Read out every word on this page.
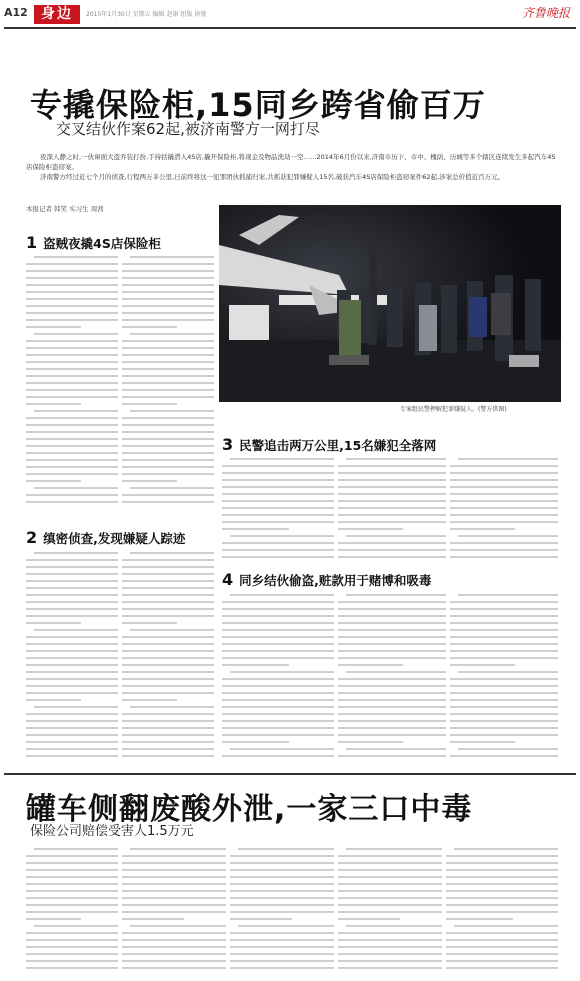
A12 身边	2015年1月30日 星期五 编辑 赵康 组版 徐漫	齐鲁晚报
专撬保险柜,15同乡跨省偷百万
交叉结伙作案62起,被济南警方一网打尽
夜深人静之时,一伙窜面大盗乔装打扮,手持括撬潜入4S店,撬开保险柜,将现金及物品洗劫一空……2014年6月份以来,济南市历下、市中、槐荫、历城等多个辖区连续发生多起汽车4S店保险柜盗窃案。
济南警方经过近七个月的侦查,行程两万多公里,日前终将这一犯罪团伙抓捕归案,共抓获犯罪嫌疑人15名,破获汽车4S店保险柜盗窃案件62起,涉案总价值近百万元。
本报记者 韩笑 实习生 周茜
1 盗贼夜撬4S店保险柜
2 缜密侦查,发现嫌疑人踪迹
专案组民警押解犯罪嫌疑人。(警方供图)
3 民警追击两万公里,15名嫌犯全落网
4 同乡结伙偷盗,赃款用于赌博和吸毒
罐车侧翻废酸外泄,一家三口中毒
保险公司赔偿受害人1.5万元
